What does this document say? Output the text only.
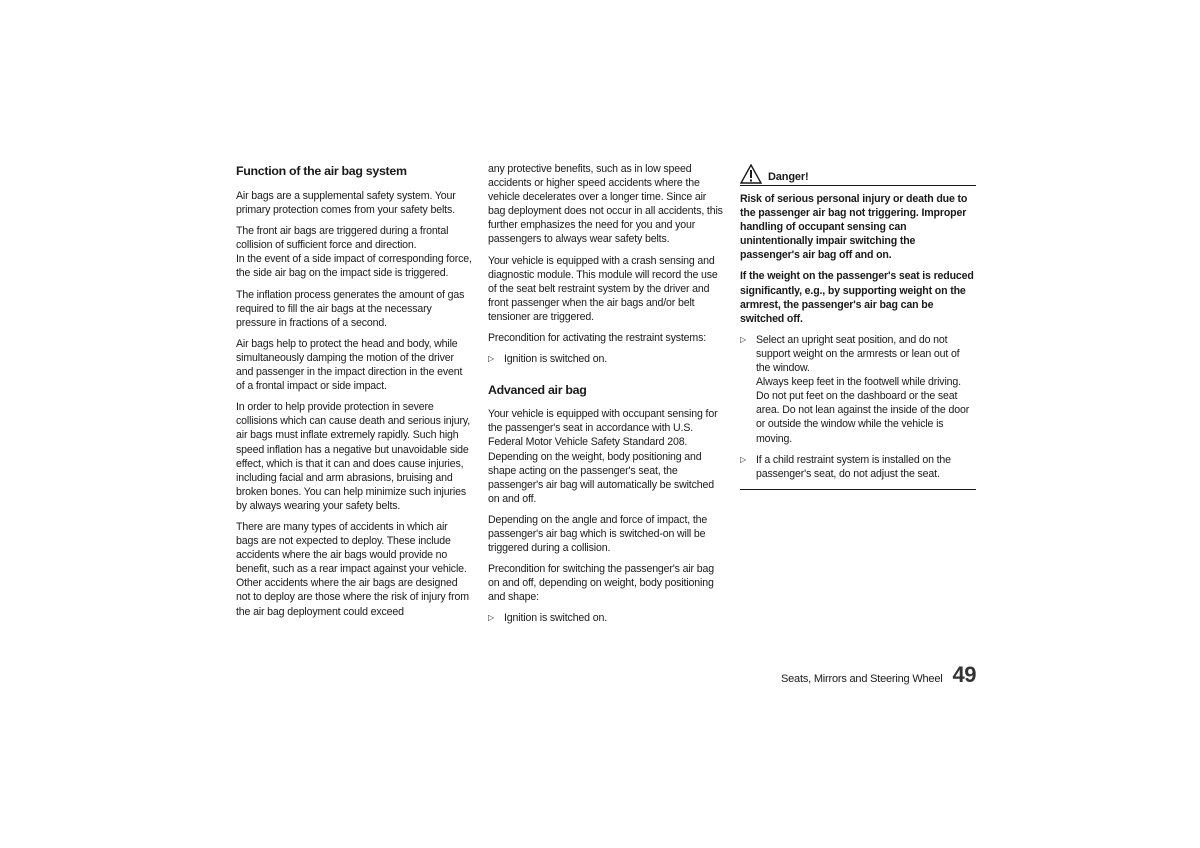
Function of the air bag system

Air bags are a supplemental safety system. Your primary protection comes from your safety belts.

The front air bags are triggered during a frontal collision of sufficient force and direction.
In the event of a side impact of corresponding force, the side air bag on the impact side is triggered.

The inflation process generates the amount of gas required to fill the air bags at the necessary pressure in fractions of a second.

Air bags help to protect the head and body, while simultaneously damping the motion of the driver and passenger in the impact direction in the event of a frontal impact or side impact.

In order to help provide protection in severe collisions which can cause death and serious injury, air bags must inflate extremely rapidly. Such high speed inflation has a negative but unavoidable side effect, which is that it can and does cause injuries, including facial and arm abrasions, bruising and broken bones. You can help minimize such injuries by always wearing your safety belts.

There are many types of accidents in which air bags are not expected to deploy. These include accidents where the air bags would provide no benefit, such as a rear impact against your vehicle. Other accidents where the air bags are designed not to deploy are those where the risk of injury from the air bag deployment could exceed

any protective benefits, such as in low speed accidents or higher speed accidents where the vehicle decelerates over a longer time. Since air bag deployment does not occur in all accidents, this further emphasizes the need for you and your passengers to always wear safety belts.

Your vehicle is equipped with a crash sensing and diagnostic module. This module will record the use of the seat belt restraint system by the driver and front passenger when the air bags and/or belt tensioner are triggered.

Precondition for activating the restraint systems:

▷ Ignition is switched on.
Advanced air bag

Your vehicle is equipped with occupant sensing for the passenger's seat in accordance with U.S. Federal Motor Vehicle Safety Standard 208. Depending on the weight, body positioning and shape acting on the passenger's seat, the passenger's air bag will automatically be switched on and off.

Depending on the angle and force of impact, the passenger's air bag which is switched-on will be triggered during a collision.

Precondition for switching the passenger's air bag on and off, depending on weight, body positioning and shape:

▷ Ignition is switched on.
Danger!

Risk of serious personal injury or death due to the passenger air bag not triggering. Improper handling of occupant sensing can unintentionally impair switching the passenger's air bag off and on.

If the weight on the passenger's seat is reduced significantly, e.g., by supporting weight on the armrest, the passenger's air bag can be switched off.

▷ Select an upright seat position, and do not support weight on the armrests or lean out of the window.
Always keep feet in the footwell while driving. Do not put feet on the dashboard or the seat area. Do not lean against the inside of the door or outside the window while the vehicle is moving.
▷ If a child restraint system is installed on the passenger's seat, do not adjust the seat.
Seats, Mirrors and Steering Wheel 49
